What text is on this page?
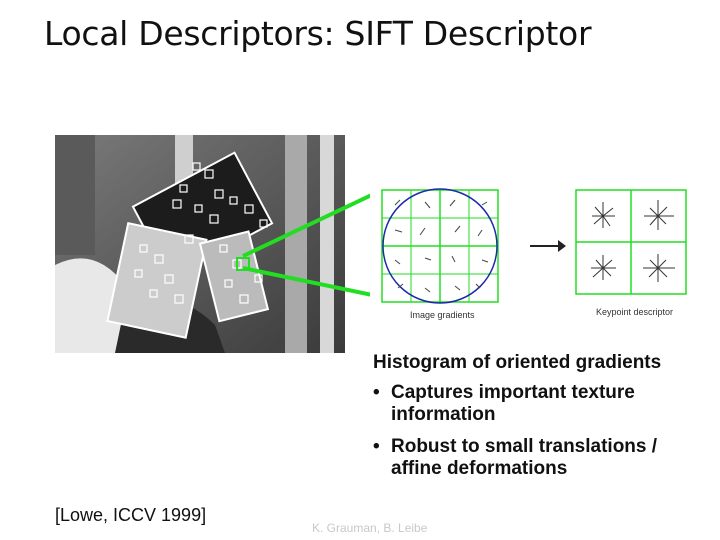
Local Descriptors: SIFT Descriptor
Image gradients	Keypoint descriptor
Histogram of oriented gradients
• Captures important texture information
• Robust to small translations / affine deformations
[Lowe, ICCV 1999]
K. Grauman, B. Leibe
